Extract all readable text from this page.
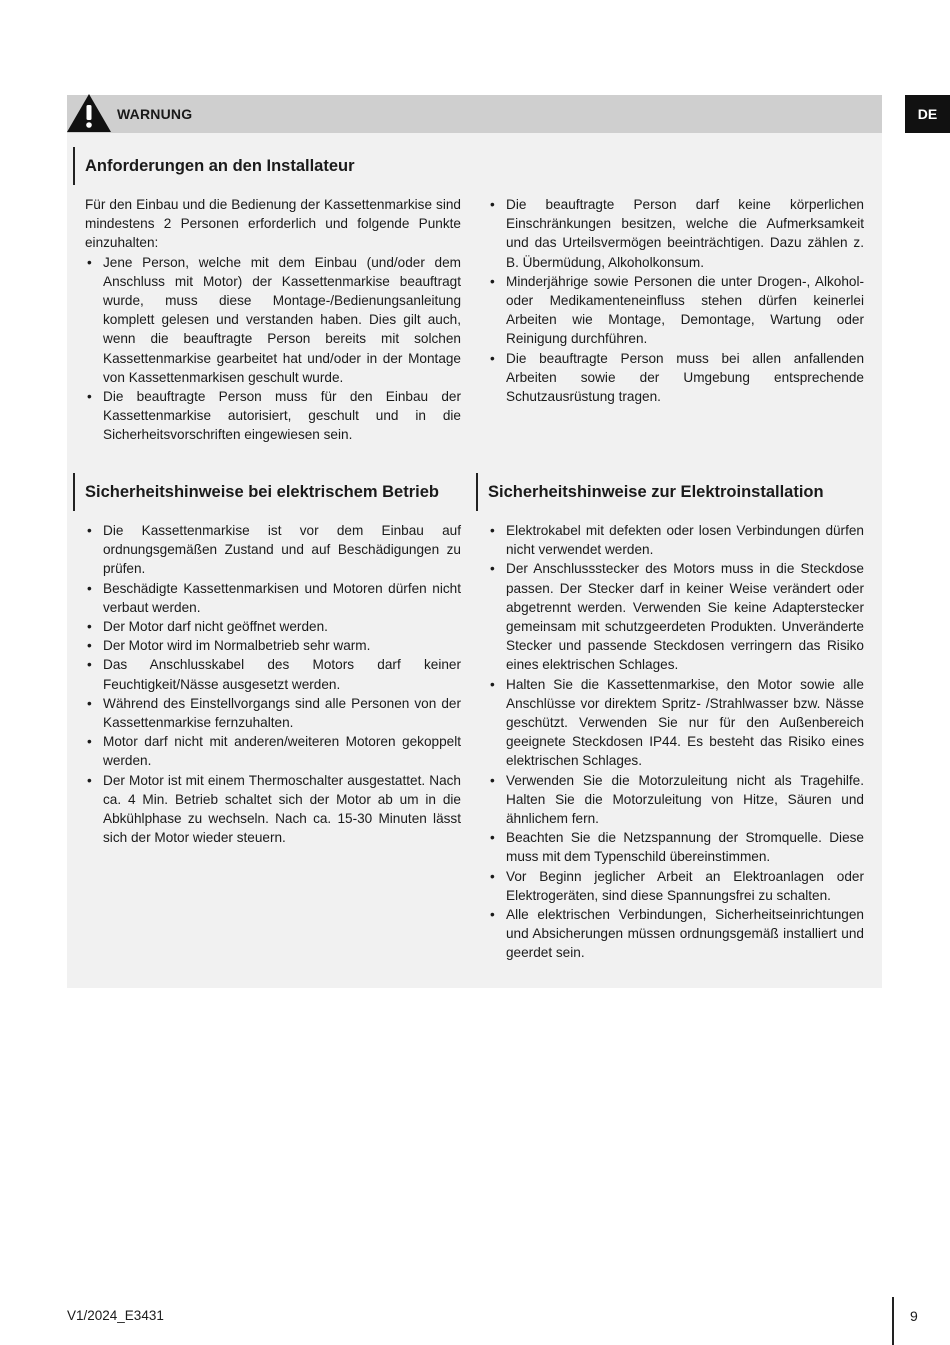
DE
WARNUNG
Anforderungen an den Installateur

Für den Einbau und die Bedienung der Kassettenmarkise sind mindestens 2 Personen erforderlich und folgende Punkte einzuhalten:

• Jene Person, welche mit dem Einbau (und/oder dem Anschluss mit Motor) der Kassettenmarkise beauftragt wurde, muss diese Montage-/Bedienungsanleitung komplett gelesen und verstanden haben. Dies gilt auch, wenn die beauftragte Person bereits mit solchen Kassettenmarkise gearbeitet hat und/oder in der Montage von Kassettenmarkisen geschult wurde.
• Die beauftragte Person muss für den Einbau der Kassettenmarkise autorisiert, geschult und in die Sicherheitsvorschriften eingewiesen sein.
• Die beauftragte Person darf keine körperlichen Einschränkungen besitzen, welche die Aufmerksamkeit und das Urteilsvermögen beeinträchtigen. Dazu zählen z. B. Übermüdung, Alkoholkonsum.
• Minderjährige sowie Personen die unter Drogen-, Alkohol- oder Medikamenteneinfluss stehen dürfen keinerlei Arbeiten wie Montage, Demontage, Wartung oder Reinigung durchführen.
• Die beauftragte Person muss bei allen anfallenden Arbeiten sowie der Umgebung entsprechende Schutzausrüstung tragen.
Sicherheitshinweise bei elektrischem Betrieb
• Die Kassettenmarkise ist vor dem Einbau auf ordnungsgemäßen Zustand und auf Beschädigungen zu prüfen.
• Beschädigte Kassettenmarkisen und Motoren dürfen nicht verbaut werden.
• Der Motor darf nicht geöffnet werden.
• Der Motor wird im Normalbetrieb sehr warm.
• Das Anschlusskabel des Motors darf keiner Feuchtigkeit/Nässe ausgesetzt werden.
• Während des Einstellvorgangs sind alle Personen von der Kassettenmarkise fernzuhalten.
• Motor darf nicht mit anderen/weiteren Motoren gekoppelt werden.
• Der Motor ist mit einem Thermoschalter ausgestattet. Nach ca. 4 Min. Betrieb schaltet sich der Motor ab um in die Abkühlphase zu wechseln. Nach ca. 15-30 Minuten lässt sich der Motor wieder steuern.
Sicherheitshinweise zur Elektroinstallation
• Elektrokabel mit defekten oder losen Verbindungen dürfen nicht verwendet werden.
• Der Anschlussstecker des Motors muss in die Steckdose passen. Der Stecker darf in keiner Weise verändert oder abgetrennt werden. Verwenden Sie keine Adapterstecker gemeinsam mit schutzgeerdeten Produkten. Unveränderte Stecker und passende Steckdosen verringern das Risiko eines elektrischen Schlages.
• Halten Sie die Kassettenmarkise, den Motor sowie alle Anschlüsse vor direktem Spritz- /Strahlwasser bzw. Nässe geschützt. Verwenden Sie nur für den Außenbereich geeignete Steckdosen IP44. Es besteht das Risiko eines elektrischen Schlages.
• Verwenden Sie die Motorzuleitung nicht als Tragehilfe. Halten Sie die Motorzuleitung von Hitze, Säuren und ähnlichem fern.
• Beachten Sie die Netzspannung der Stromquelle. Diese muss mit dem Typenschild übereinstimmen.
• Vor Beginn jeglicher Arbeit an Elektroanlagen oder Elektrogeräten, sind diese Spannungsfrei zu schalten.
• Alle elektrischen Verbindungen, Sicherheitseinrichtungen und Absicherungen müssen ordnungsgemäß installiert und geerdet sein.
V1/2024_E3431	9
